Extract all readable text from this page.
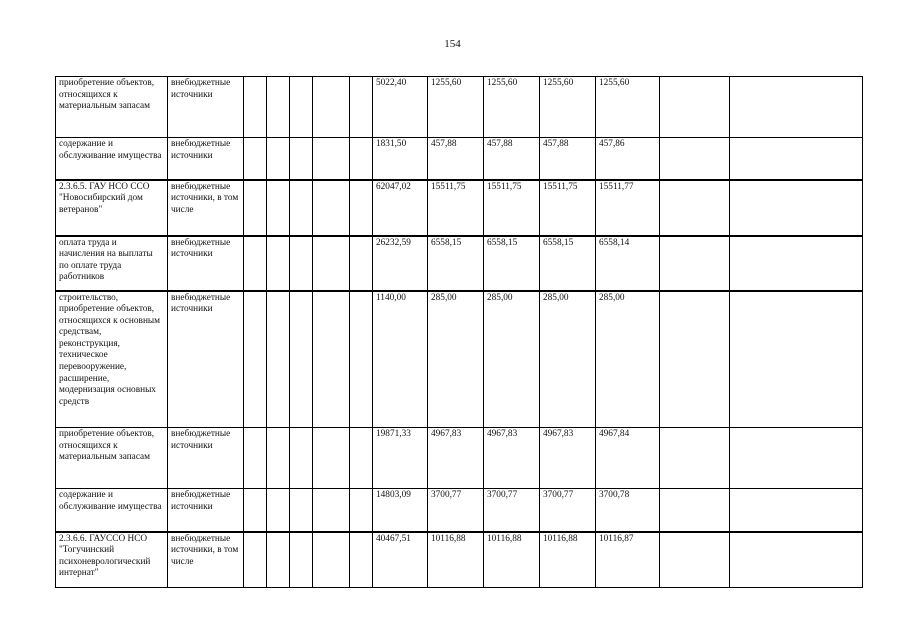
154
приобретение объектов, относящихся к материальным запасам	внебюджетные источники						5022,40	1255,60	1255,60	1255,60	1255,60		
содержание и обслуживание имущества	внебюджетные источники						1831,50	457,88	457,88	457,88	457,86		
2.3.6.5. ГАУ НСО ССО "Новосибирский дом ветеранов"	внебюджетные источники, в том числе						62047,02	15511,75	15511,75	15511,75	15511,77		
оплата труда и начисления на выплаты по оплате труда работников	внебюджетные источники						26232,59	6558,15	6558,15	6558,15	6558,14		
строительство, приобретение объектов, относящихся к основным средствам, реконструкция, техническое перевооружение, расширение, модернизация основных средств	внебюджетные источники						1140,00	285,00	285,00	285,00	285,00		
приобретение объектов, относящихся к материальным запасам	внебюджетные источники						19871,33	4967,83	4967,83	4967,83	4967,84		
содержание и обслуживание имущества	внебюджетные источники						14803,09	3700,77	3700,77	3700,77	3700,78		
2.3.6.6. ГАУССО НСО "Тогучинский психоневрологический интернат"	внебюджетные источники, в том числе						40467,51	10116,88	10116,88	10116,88	10116,87		
